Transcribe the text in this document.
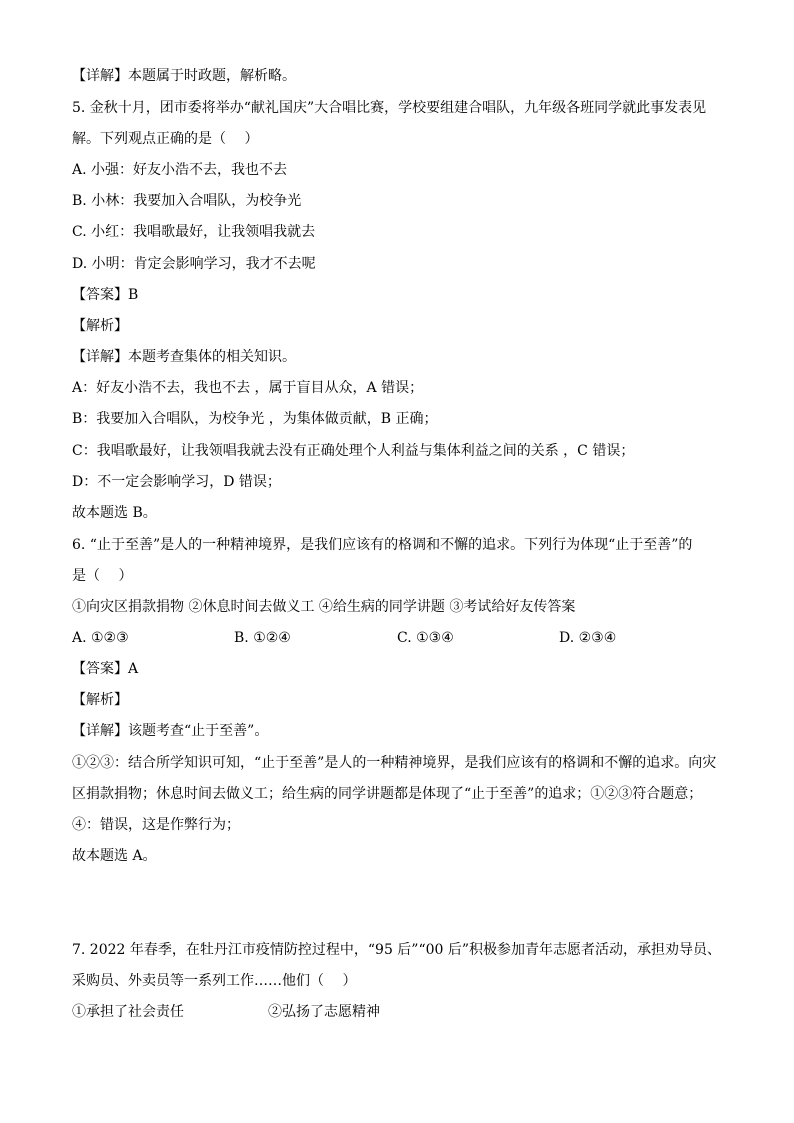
【详解】本题属于时政题，解析略。
5. 金秋十月，团市委将举办“献礼国庆”大合唱比赛，学校要组建合唱队，九年级各班同学就此事发表见
解。下列观点正确的是（　 ）
A. 小强：好友小浩不去，我也不去
B. 小林：我要加入合唱队，为校争光
C. 小红：我唱歌最好，让我领唱我就去
D. 小明：肯定会影响学习，我才不去呢
【答案】B
【解析】
【详解】本题考查集体的相关知识。
A：好友小浩不去，我也不去 ，属于盲目从众，A 错误；
B：我要加入合唱队，为校争光 ，为集体做贡献，B 正确；
C：我唱歌最好，让我领唱我就去没有正确处理个人利益与集体利益之间的关系 ，C 错误；
D：不一定会影响学习，D 错误；
故本题选 B。
6. “止于至善”是人的一种精神境界，是我们应该有的格调和不懈的追求。下列行为体现“止于至善”的
是（　 ）
①向灾区捐款捐物 ②休息时间去做义工 ④给生病的同学讲题 ③考试给好友传答案
A. ①②③	B. ①②④	C. ①③④	D. ②③④
【答案】A
【解析】
【详解】该题考查“止于至善”。
①②③：结合所学知识可知，“止于至善”是人的一种精神境界，是我们应该有的格调和不懈的追求。向灾
区捐款捐物；休息时间去做义工；给生病的同学讲题都是体现了“止于至善”的追求；①②③符合题意；
④：错误，这是作弊行为；
故本题选 A。
7. 2022 年春季，在牡丹江市疫情防控过程中，“95 后”“00 后”积极参加青年志愿者活动，承担劝导员、
采购员、外卖员等一系列工作……他们（　 ）
①承担了社会责任	②弘扬了志愿精神
